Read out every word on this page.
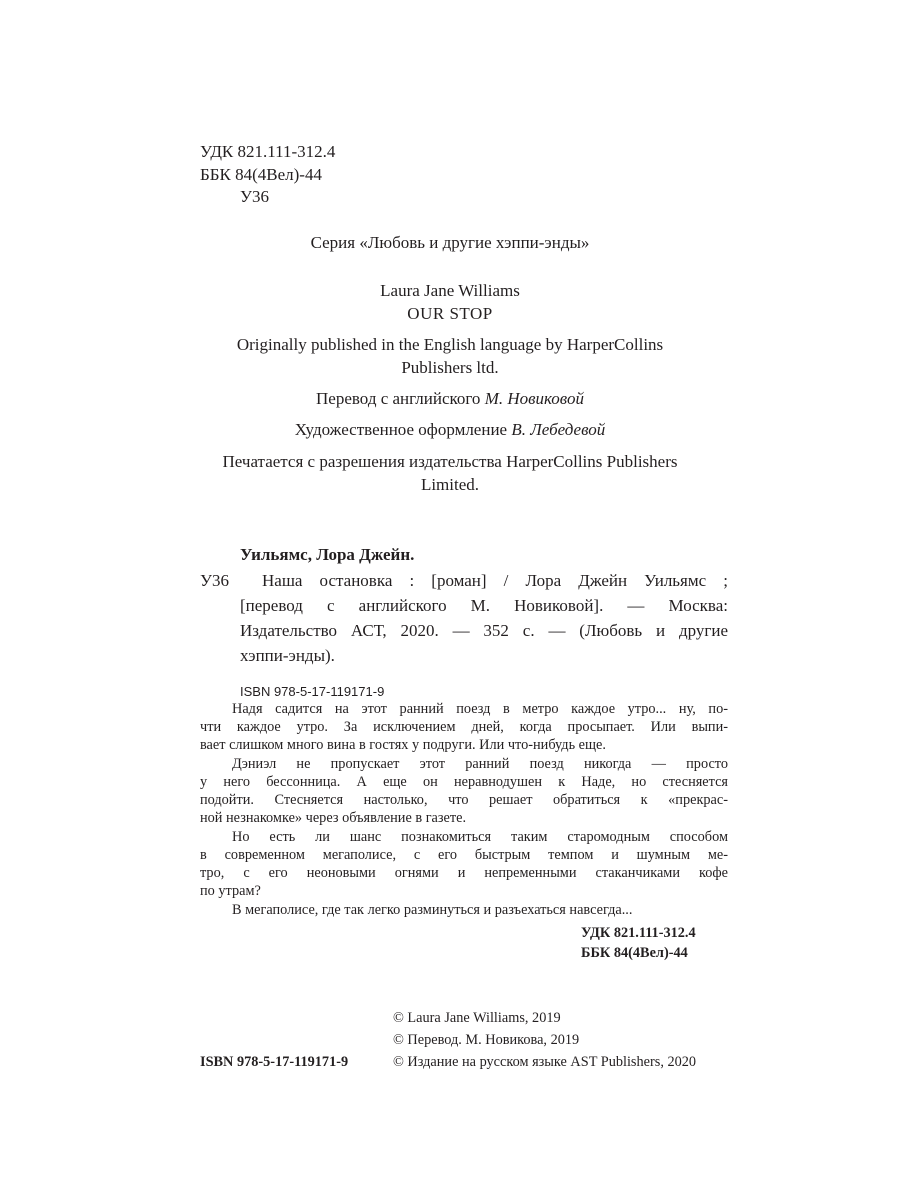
УДК 821.111-312.4
ББК 84(4Вел)-44
У36
Серия «Любовь и другие хэппи-энды»
Laura Jane Williams
OUR STOP
Originally published in the English language by HarperCollins
Publishers ltd.
Перевод с английского М. Новиковой
Художественное оформление В. Лебедевой
Печатается с разрешения издательства HarperCollins Publishers
Limited.
Уильямс, Лора Джейн.
У36 Наша остановка : [роман] / Лора Джейн Уильямс ;
[перевод с английского М. Новиковой]. — Москва:
Издательство АСТ, 2020. — 352 с. — (Любовь и другие
хэппи-энды).
ISBN 978-5-17-119171-9
Надя садится на этот ранний поезд в метро каждое утро... ну, по-
чти каждое утро. За исключением дней, когда просыпает. Или выпи-
вает слишком много вина в гостях у подруги. Или что-нибудь еще.
Дэниэл не пропускает этот ранний поезд никогда — просто
у него бессонница. А еще он неравнодушен к Наде, но стесняется
подойти. Стесняется настолько, что решает обратиться к «прекрас-
ной незнакомке» через объявление в газете.
Но есть ли шанс познакомиться таким старомодным способом
в современном мегаполисе, с его быстрым темпом и шумным ме-
тро, с его неоновыми огнями и непременными стаканчиками кофе
по утрам?
В мегаполисе, где так легко разминуться и разъехаться навсегда...
УДК 821.111-312.4
ББК 84(4Вел)-44
© Laura Jane Williams, 2019
© Перевод. М. Новикова, 2019
© Издание на русском языке AST Publishers, 2020
ISBN 978-5-17-119171-9
